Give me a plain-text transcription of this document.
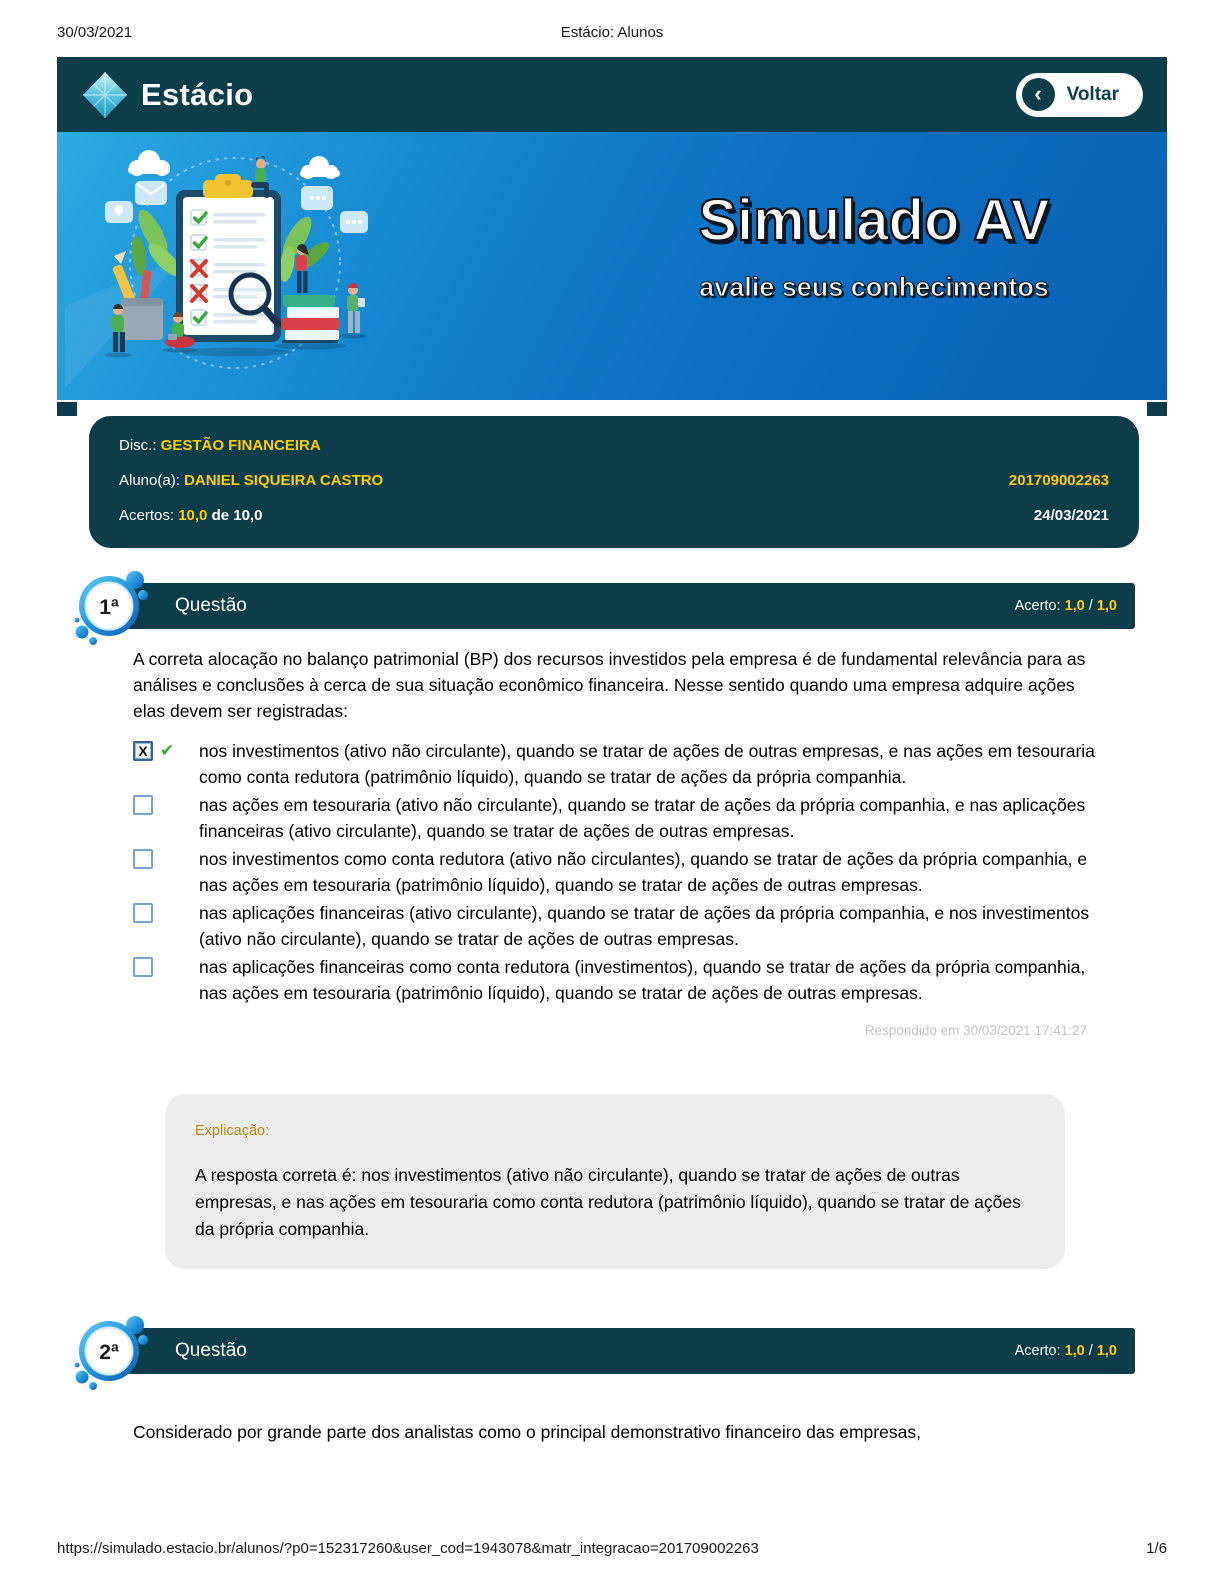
30/03/2021	Estácio: Alunos
Estácio	‹	Voltar
Simulado AV
avalie seus conhecimentos
Disc.: GESTÃO FINANCEIRA
Aluno(a): DANIEL SIQUEIRA CASTRO	201709002263
Acertos: 10,0 de 10,0	24/03/2021
1ª	Questão	Acerto: 1,0 / 1,0

A correta alocação no balanço patrimonial (BP) dos recursos investidos pela empresa é de fundamental relevância para as análises e conclusões à cerca de sua situação econômico financeira. Nesse sentido quando uma empresa adquire ações elas devem ser registradas:

X ✔ nos investimentos (ativo não circulante), quando se tratar de ações de outras empresas, e nas ações em tesouraria como conta redutora (patrimônio líquido), quando se tratar de ações da própria companhia.

nas ações em tesouraria (ativo não circulante), quando se tratar de ações da própria companhia, e nas aplicações financeiras (ativo circulante), quando se tratar de ações de outras empresas.

nos investimentos como conta redutora (ativo não circulantes), quando se tratar de ações da própria companhia, e nas ações em tesouraria (patrimônio líquido), quando se tratar de ações de outras empresas.

nas aplicações financeiras (ativo circulante), quando se tratar de ações da própria companhia, e nos investimentos (ativo não circulante), quando se tratar de ações de outras empresas.

nas aplicações financeiras como conta redutora (investimentos), quando se tratar de ações da própria companhia, nas ações em tesouraria (patrimônio líquido), quando se tratar de ações de outras empresas.

Respondido em 30/03/2021 17:41:27

Explicação:

A resposta correta é: nos investimentos (ativo não circulante), quando se tratar de ações de outras empresas, e nas ações em tesouraria como conta redutora (patrimônio líquido), quando se tratar de ações da própria companhia.

2ª	Questão	Acerto: 1,0 / 1,0

Considerado por grande parte dos analistas como o principal demonstrativo financeiro das empresas,

https://simulado.estacio.br/alunos/?p0=152317260&user_cod=1943078&matr_integracao=201709002263	1/6
